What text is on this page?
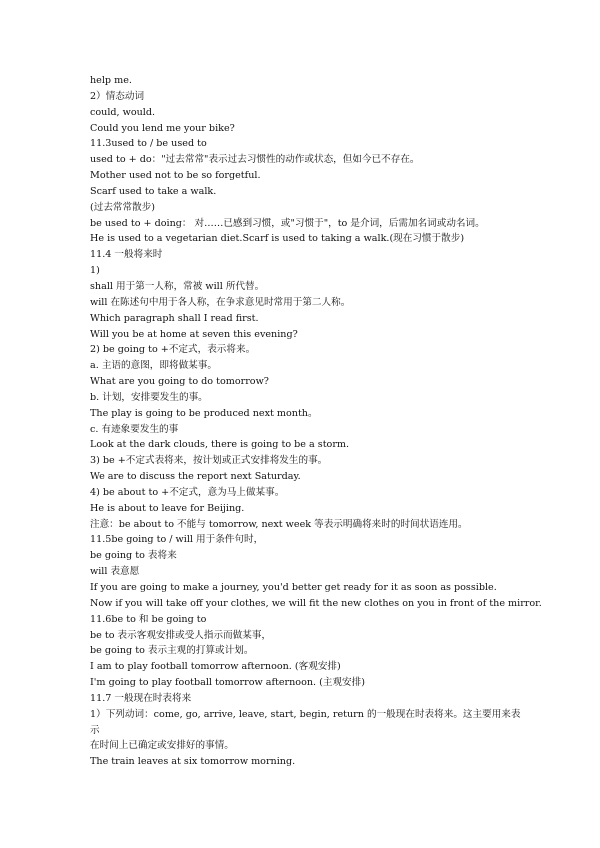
help me.
2）情态动词
could, would.
Could you lend me your bike?
11.3used to / be used to
used to + do："过去常常"表示过去习惯性的动作或状态，但如今已不存在。
Mother used not to be so forgetful.
Scarf used to take a walk.
(过去常常散步)
be used to + doing： 对……已感到习惯，或"习惯于"，to 是介词，后需加名词或动名词。
He is used to a vegetarian diet.Scarf is used to taking a walk.(现在习惯于散步)
11.4 一般将来时
1)
shall 用于第一人称，常被 will 所代替。
will 在陈述句中用于各人称，在争求意见时常用于第二人称。
Which paragraph shall I read first.
Will you be at home at seven this evening?
2) be going to +不定式，表示将来。
a. 主语的意图，即将做某事。
What are you going to do tomorrow?
b. 计划，安排要发生的事。
The play is going to be produced next month。
c. 有迹象要发生的事
Look at the dark clouds, there is going to be a storm.
3) be +不定式表将来，按计划或正式安排将发生的事。
We are to discuss the report next Saturday.
4) be about to +不定式，意为马上做某事。
He is about to leave for Beijing.
注意：be about to 不能与 tomorrow, next week 等表示明确将来时的时间状语连用。
11.5be going to / will 用于条件句时，
be going to 表将来
will 表意愿
If you are going to make a journey, you'd better get ready for it as soon as possible.
Now if you will take off your clothes, we will fit the new clothes on you in front of the mirror.
11.6be to 和 be going to
be to 表示客观安排或受人指示而做某事，
be going to 表示主观的打算或计划。
I am to play football tomorrow afternoon. (客观安排)
I'm going to play football tomorrow afternoon. (主观安排)
11.7 一般现在时表将来
1）下列动词：come, go, arrive, leave, start, begin, return 的一般现在时表将来。这主要用来表
示
在时间上已确定或安排好的事情。
The train leaves at six tomorrow morning.
